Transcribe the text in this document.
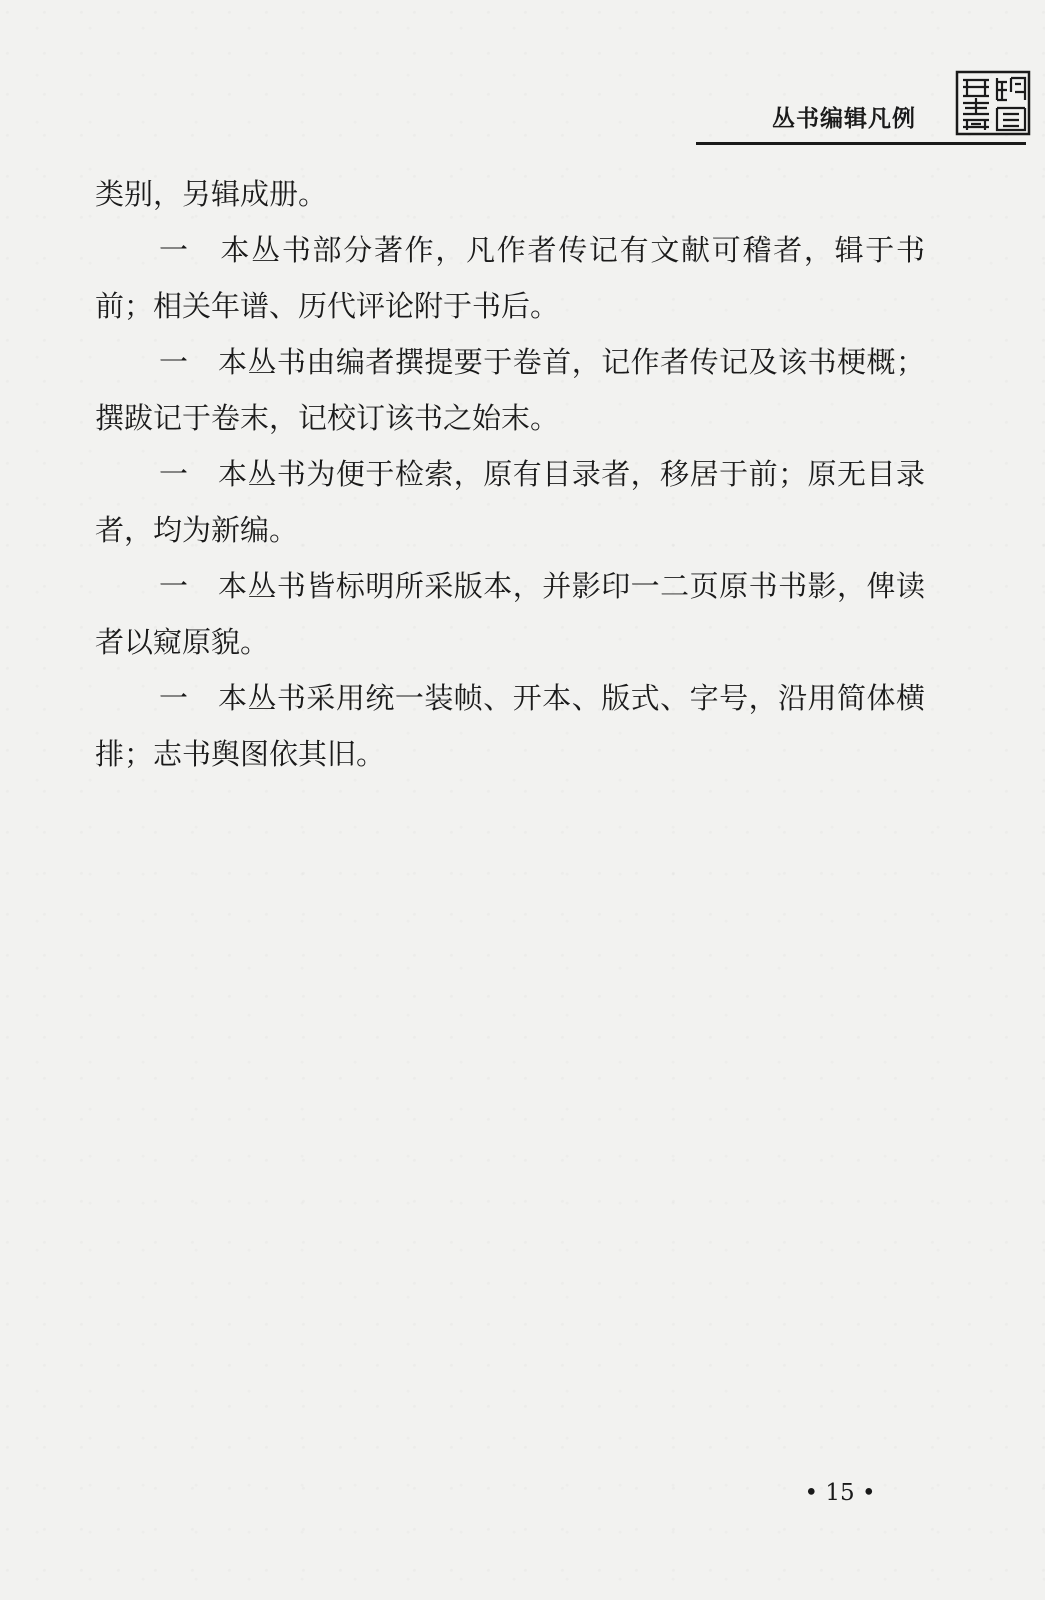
丛书编辑凡例

类别，另辑成册。

一　本丛书部分著作，凡作者传记有文献可稽者，辑于书前；相关年谱、历代评论附于书后。

一　本丛书由编者撰提要于卷首，记作者传记及该书梗概；撰跋记于卷末，记校订该书之始末。

一　本丛书为便于检索，原有目录者，移居于前；原无目录者，均为新编。

一　本丛书皆标明所采版本，并影印一二页原书书影，俾读者以窥原貌。

一　本丛书采用统一装帧、开本、版式、字号，沿用简体横排；志书舆图依其旧。

• 15 •
